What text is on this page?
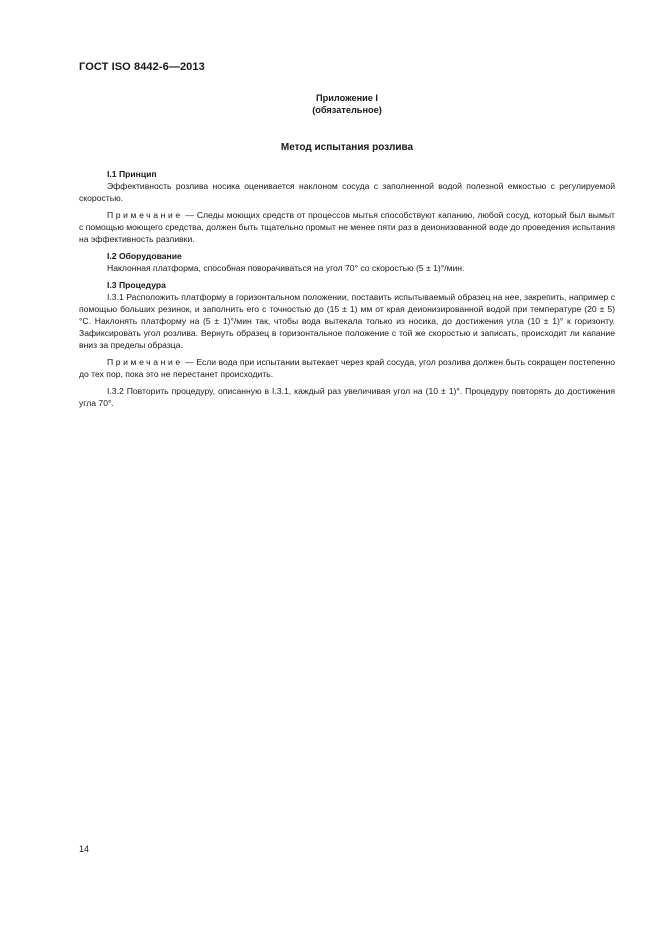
ГОСТ ISO 8442-6—2013
Приложение I
(обязательное)
Метод испытания розлива

I.1 Принцип

Эффективность розлива носика оценивается наклоном сосуда с заполненной водой полезной емкостью с регулируемой скоростью.

Примечание — Следы моющих средств от процессов мытья способствуют капанию, любой сосуд, который был вымыт с помощью моющего средства, должен быть тщательно промыт не менее пяти раз в деионизованной воде до проведения испытания на эффективность разливки.

I.2 Оборудование

Наклонная платформа, способная поворачиваться на угол 70° со скоростью (5 ± 1)°/мин.

I.3 Процедура

I.3.1 Расположить платформу в горизонтальном положении, поставить испытываемый образец на нее, закрепить, например с помощью больших резинок, и заполнить его с точностью до (15 ± 1) мм от края деионизированной водой при температуре (20 ± 5) °C. Наклонять платформу на (5 ± 1)°/мин так, чтобы вода вытекала только из носика, до достижения угла (10 ± 1)° к горизонту. Зафиксировать угол розлива. Вернуть образец в горизонтальное положение с той же скоростью и записать, происходит ли капание вниз за пределы образца.

Примечание — Если вода при испытании вытекает через край сосуда, угол розлива должен быть сокращен постепенно до тех пор, пока это не перестанет происходить.

I.3.2 Повторить процедуру, описанную в I.3.1, каждый раз увеличивая угол на (10 ± 1)°. Процедуру повторять до достижения угла 70°.

14
